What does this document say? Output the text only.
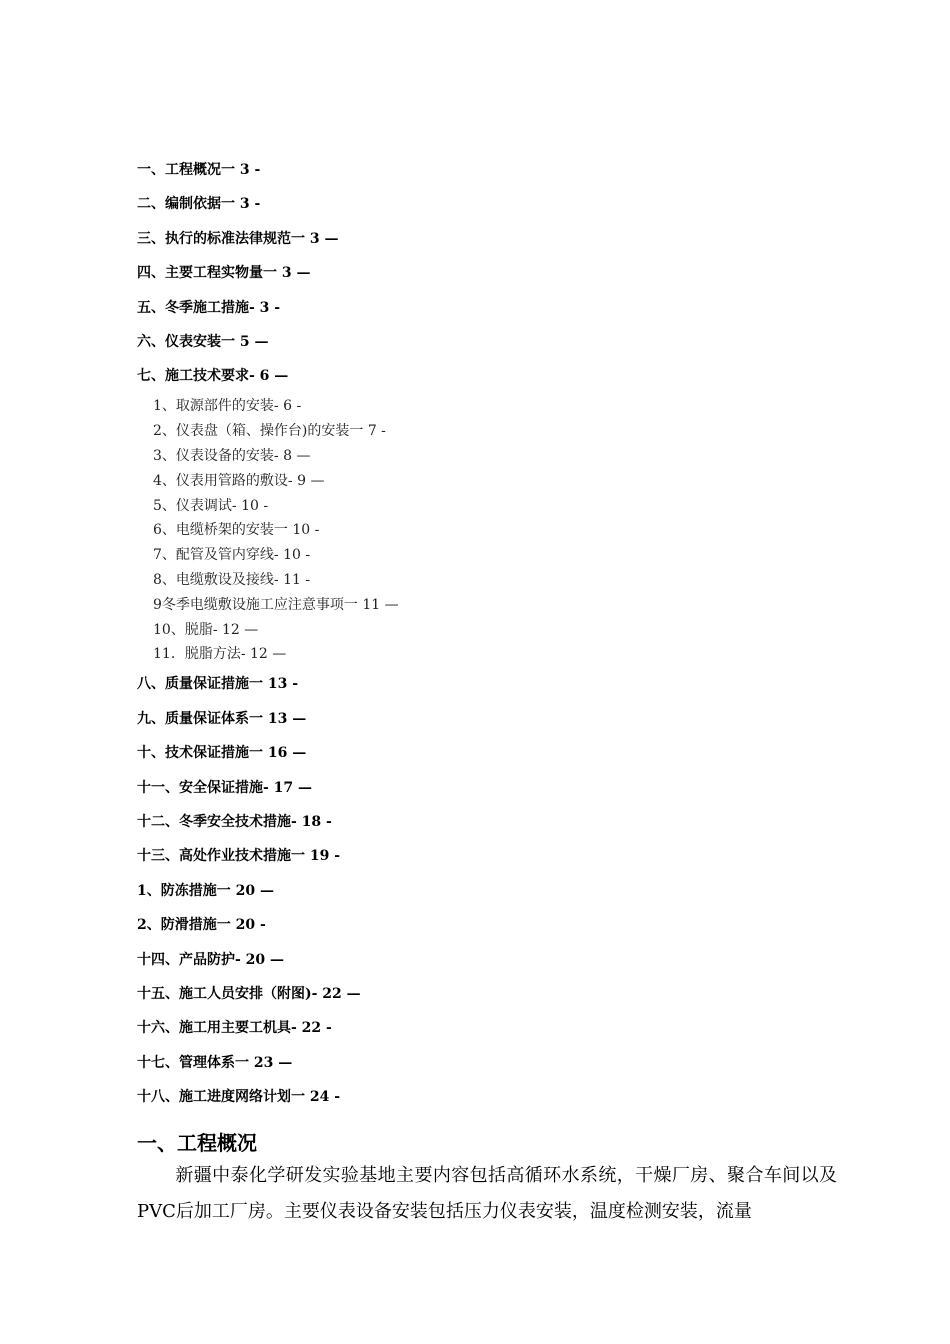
一、工程概况一 3 -
二、编制依据一 3 -
三、执行的标准法律规范一 3 —
四、主要工程实物量一 3 —
五、冬季施工措施- 3 -
六、仪表安装一 5 —
七、施工技术要求- 6 —
1、取源部件的安装- 6 -
2、仪表盘（箱、操作台)的安装一 7 -
3、仪表设备的安装- 8 —
4、仪表用管路的敷设- 9 —
5、仪表调试- 10 -
6、电缆桥架的安装一 10 -
7、配管及管内穿线- 10 -
8、电缆敷设及接线- 11 -
9冬季电缆敷设施工应注意事项一 11 —
10、脱脂- 12 —
11．脱脂方法- 12 —
八、质量保证措施一 13 -
九、质量保证体系一 13 —
十、技术保证措施一 16 —
十一、安全保证措施- 17 —
十二、冬季安全技术措施- 18 -
十三、高处作业技术措施一 19 -
1、防冻措施一 20 —
2、防滑措施一 20 -
十四、产品防护- 20 —
十五、施工人员安排（附图)- 22 —
十六、施工用主要工机具- 22 -
十七、管理体系一 23 —
十八、施工进度网络计划一 24 -
一、工程概况
新疆中泰化学研发实验基地主要内容包括高循环水系统，干燥厂房、聚合车间以及PVC后加工厂房。主要仪表设备安装包括压力仪表安装，温度检测安装，流量
